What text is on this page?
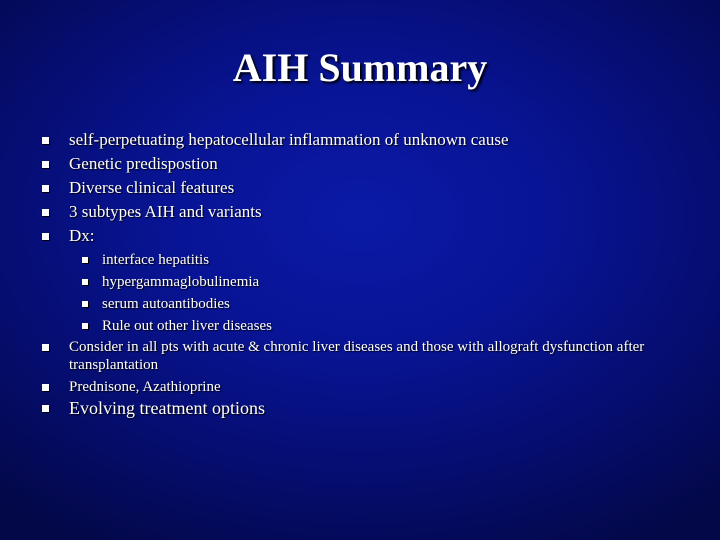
AIH Summary
self-perpetuating hepatocellular inflammation of unknown cause
Genetic predispostion
Diverse clinical features
3 subtypes AIH and variants
Dx:
interface hepatitis
hypergammaglobulinemia
serum autoantibodies
Rule out other liver diseases
Consider in all pts with acute & chronic liver diseases and those with allograft dysfunction after transplantation
Prednisone, Azathioprine
Evolving treatment options
